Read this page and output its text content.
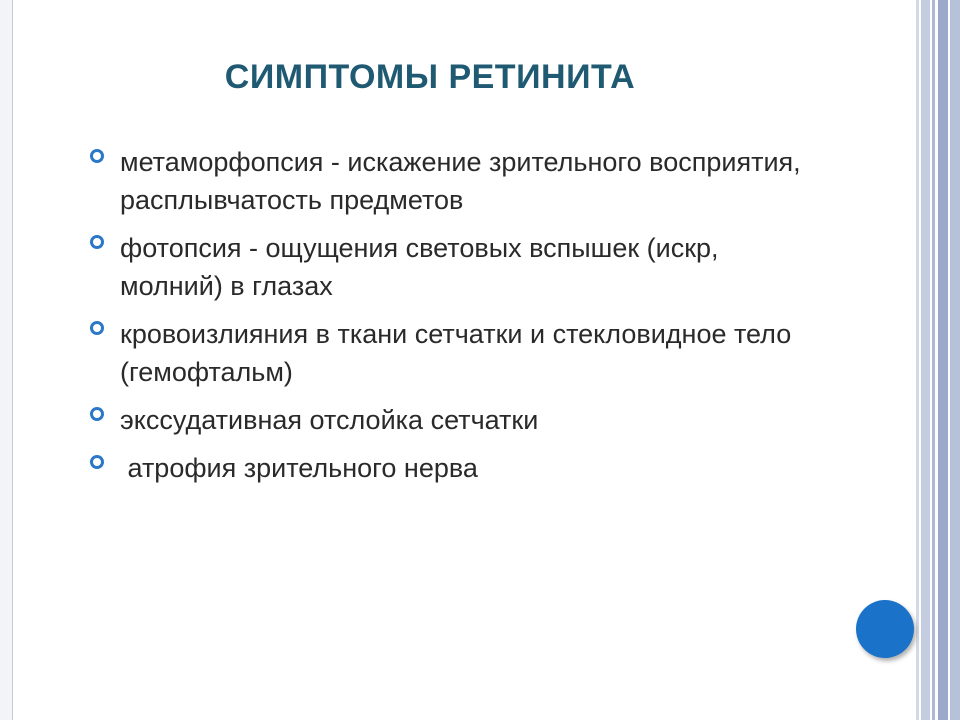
СИМПТОМЫ РЕТИНИТА
метаморфопсия - искажение зрительного восприятия, расплывчатость предметов
фотопсия - ощущения световых вспышек (искр, молний) в глазах
кровоизлияния в ткани сетчатки и стекловидное тело (гемофтальм)
экссудативная отслойка сетчатки
атрофия зрительного нерва
